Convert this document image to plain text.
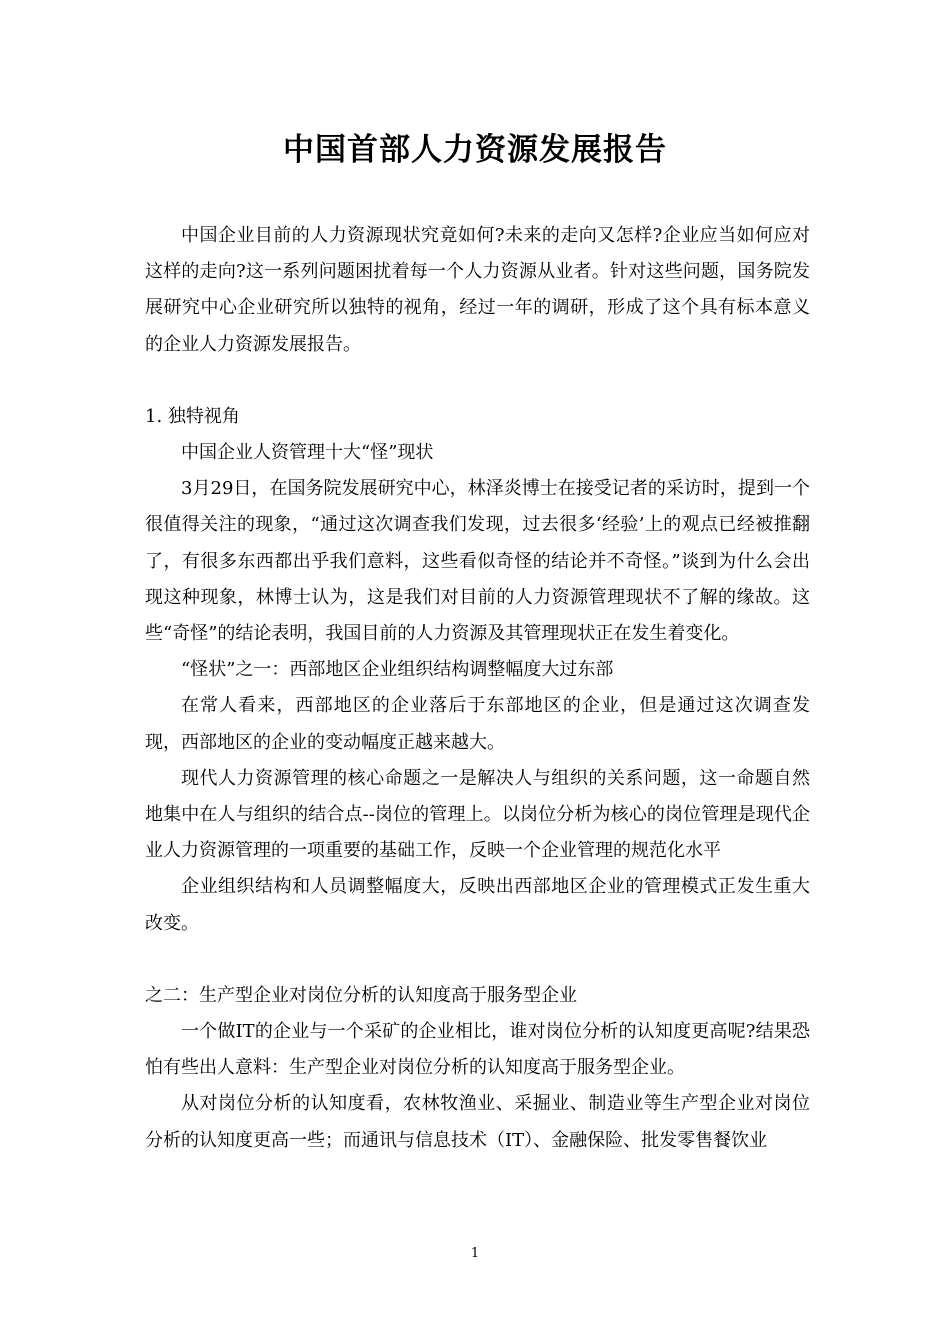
中国首部人力资源发展报告

中国企业目前的人力资源现状究竟如何?未来的走向又怎样?企业应当如何应对这样的走向?这一系列问题困扰着每一个人力资源从业者。针对这些问题，国务院发展研究中心企业研究所以独特的视角，经过一年的调研，形成了这个具有标本意义的企业人力资源发展报告。

1. 独特视角

中国企业人资管理十大“怪”现状

3月29日，在国务院发展研究中心，林泽炎博士在接受记者的采访时，提到一个很值得关注的现象，“通过这次调查我们发现，过去很多‘经验’上的观点已经被推翻了，有很多东西都出乎我们意料，这些看似奇怪的结论并不奇怪。”谈到为什么会出现这种现象，林博士认为，这是我们对目前的人力资源管理现状不了解的缘故。这些“奇怪”的结论表明，我国目前的人力资源及其管理现状正在发生着变化。

“怪状”之一：西部地区企业组织结构调整幅度大过东部

在常人看来，西部地区的企业落后于东部地区的企业，但是通过这次调查发现，西部地区的企业的变动幅度正越来越大。

现代人力资源管理的核心命题之一是解决人与组织的关系问题，这一命题自然地集中在人与组织的结合点--岗位的管理上。以岗位分析为核心的岗位管理是现代企业人力资源管理的一项重要的基础工作，反映一个企业管理的规范化水平

企业组织结构和人员调整幅度大，反映出西部地区企业的管理模式正发生重大改变。

之二：生产型企业对岗位分析的认知度高于服务型企业

一个做IT的企业与一个采矿的企业相比，谁对岗位分析的认知度更高呢?结果恐怕有些出人意料：生产型企业对岗位分析的认知度高于服务型企业。

从对岗位分析的认知度看，农林牧渔业、采掘业、制造业等生产型企业对岗位分析的认知度更高一些；而通讯与信息技术（IT）、金融保险、批发零售餐饮业

1
